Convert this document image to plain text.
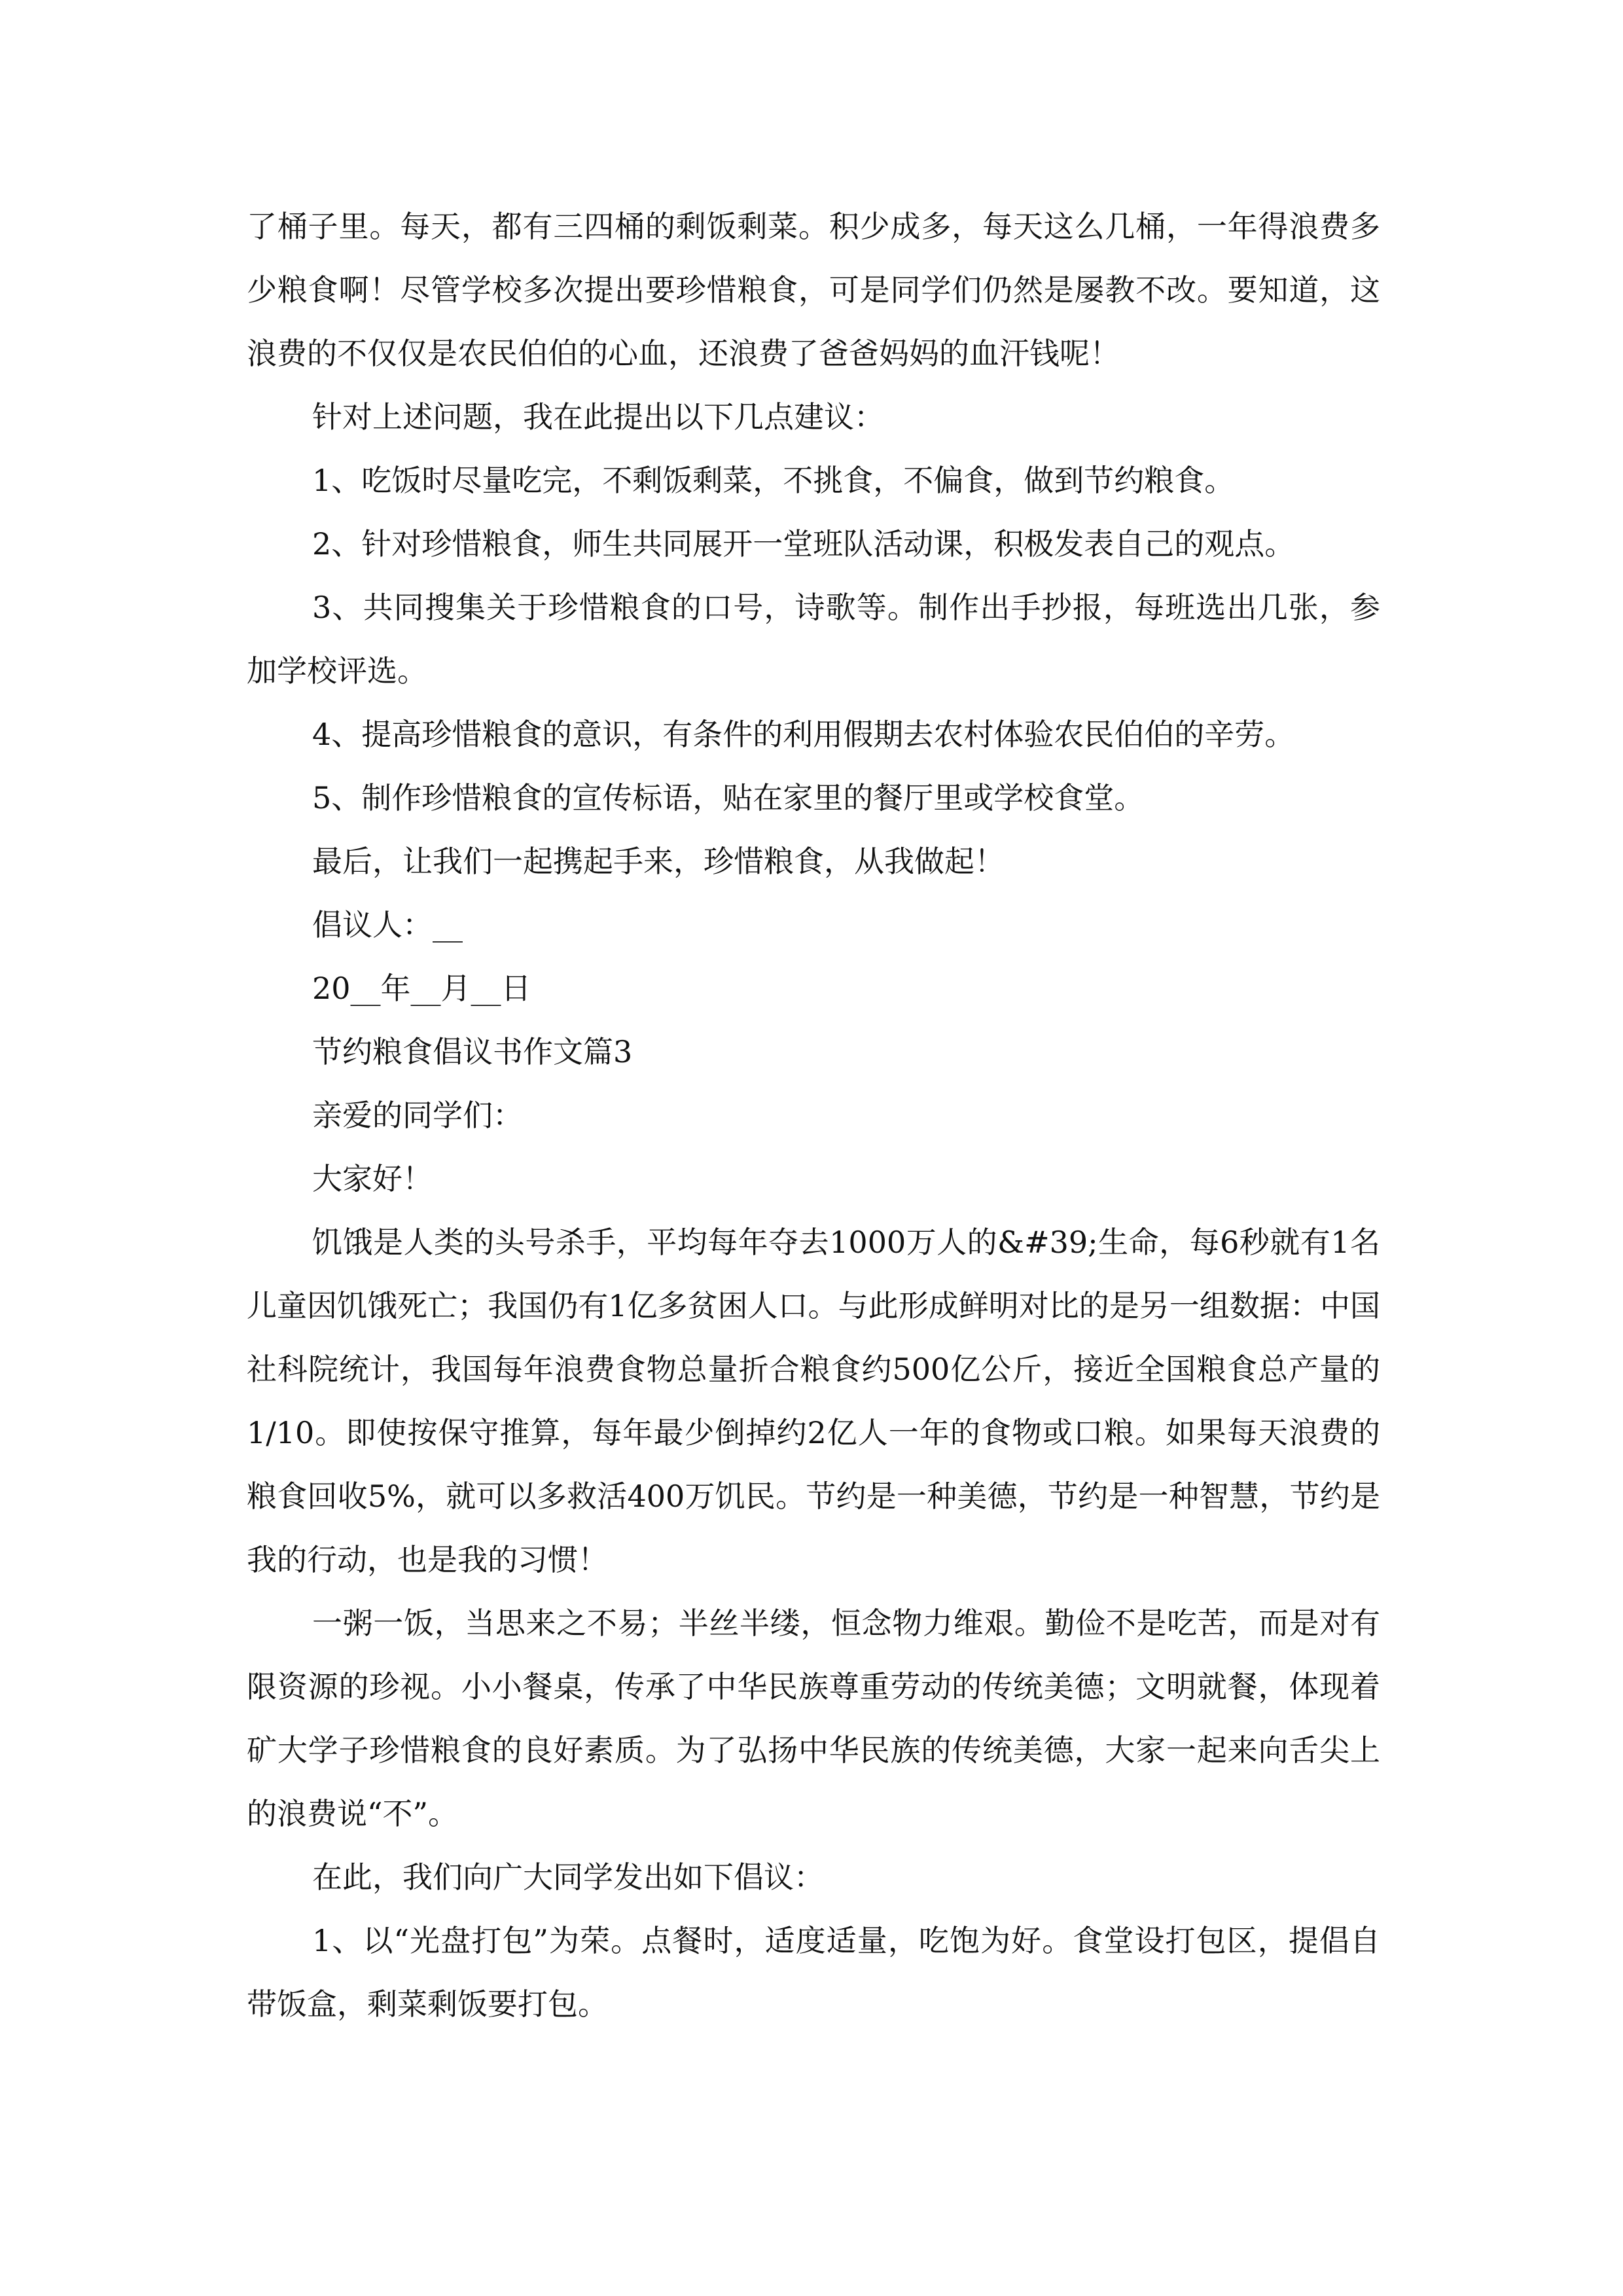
了桶子里。每天，都有三四桶的剩饭剩菜。积少成多，每天这么几桶，一年得浪费多少粮食啊！尽管学校多次提出要珍惜粮食，可是同学们仍然是屡教不改。要知道，这浪费的不仅仅是农民伯伯的心血，还浪费了爸爸妈妈的血汗钱呢！

针对上述问题，我在此提出以下几点建议：

1、吃饭时尽量吃完，不剩饭剩菜，不挑食，不偏食，做到节约粮食。

2、针对珍惜粮食，师生共同展开一堂班队活动课，积极发表自己的观点。

3、共同搜集关于珍惜粮食的口号，诗歌等。制作出手抄报，每班选出几张，参加学校评选。

4、提高珍惜粮食的意识，有条件的利用假期去农村体验农民伯伯的辛劳。

5、制作珍惜粮食的宣传标语，贴在家里的餐厅里或学校食堂。

最后，让我们一起携起手来，珍惜粮食，从我做起！

倡议人：__

20__年__月__日

节约粮食倡议书作文篇3

亲爱的同学们：

大家好！

饥饿是人类的头号杀手，平均每年夺去1000万人的&#39;生命，每6秒就有1名儿童因饥饿死亡；我国仍有1亿多贫困人口。与此形成鲜明对比的是另一组数据：中国社科院统计，我国每年浪费食物总量折合粮食约500亿公斤，接近全国粮食总产量的1/10。即使按保守推算，每年最少倒掉约2亿人一年的食物或口粮。如果每天浪费的粮食回收5%，就可以多救活400万饥民。节约是一种美德，节约是一种智慧，节约是我的行动，也是我的习惯！

一粥一饭，当思来之不易；半丝半缕，恒念物力维艰。勤俭不是吃苦，而是对有限资源的珍视。小小餐桌，传承了中华民族尊重劳动的传统美德；文明就餐，体现着矿大学子珍惜粮食的良好素质。为了弘扬中华民族的传统美德，大家一起来向舌尖上的浪费说“不”。

在此，我们向广大同学发出如下倡议：

1、以“光盘打包”为荣。点餐时，适度适量，吃饱为好。食堂设打包区，提倡自带饭盒，剩菜剩饭要打包。
